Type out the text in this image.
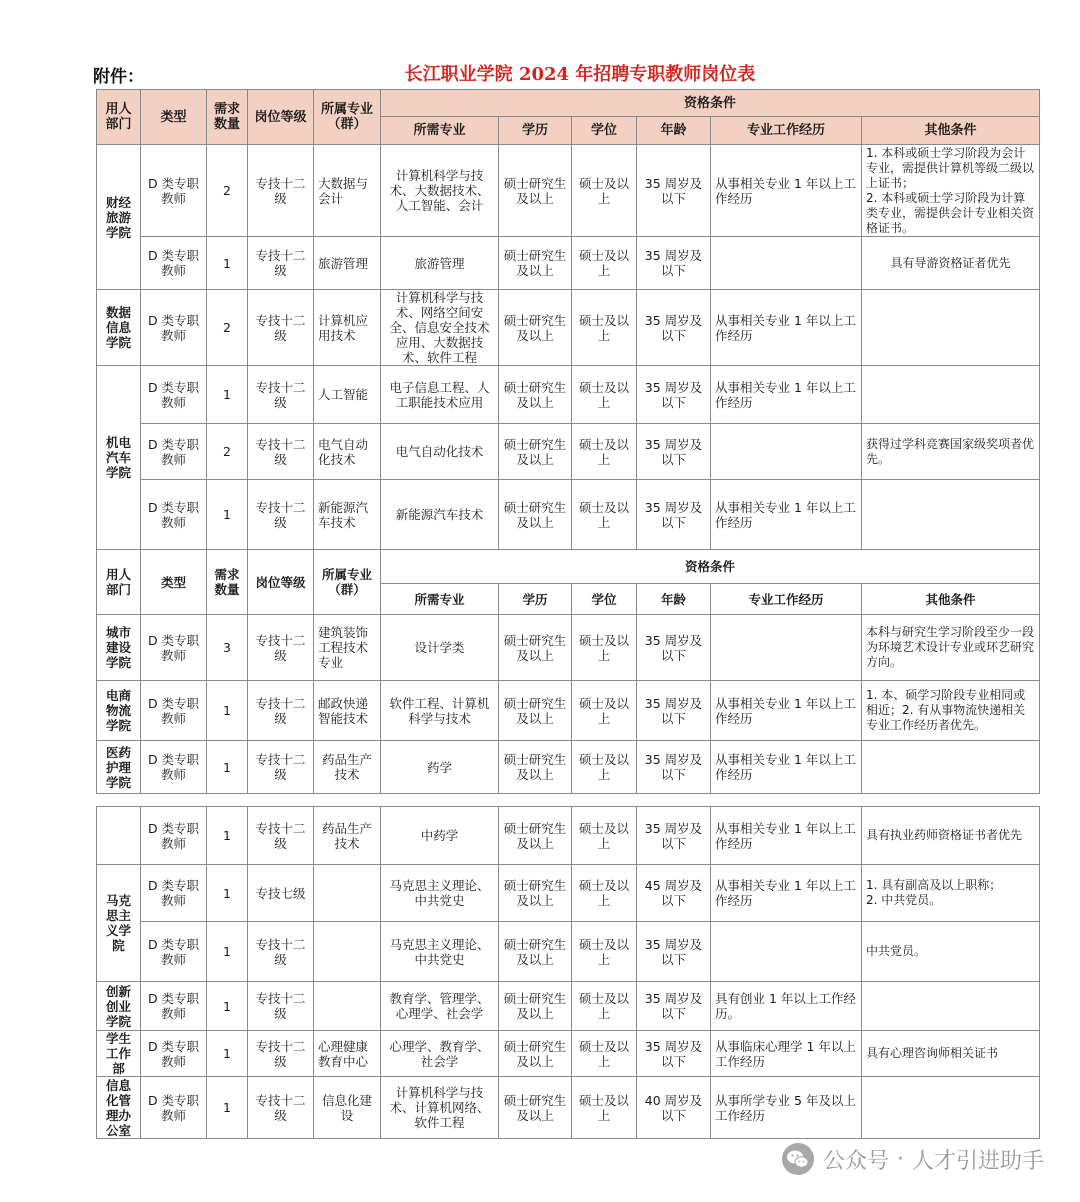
附件：	长江职业学院 2024 年招聘专职教师岗位表
用人部门	类型	需求数量	岗位等级	所属专业（群）	资格条件					
					所需专业	学历	学位	年龄	专业工作经历	其他条件
财经旅游学院	D 类专职教师	2	专技十二级	大数据与会计	计算机科学与技术、大数据技术、人工智能、会计	硕士研究生及以上	硕士及以上	35 周岁及以下	从事相关专业 1 年以上工作经历	1. 本科或硕士学习阶段为会计专业，需提供计算机等级二级以上证书；
2. 本科或硕士学习阶段为计算类专业，需提供会计专业相关资格证书。
	D 类专职教师	1	专技十二级	旅游管理	旅游管理	硕士研究生及以上	硕士及以上	35 周岁及以下		具有导游资格证者优先
数据信息学院	D 类专职教师	2	专技十二级	计算机应用技术	计算机科学与技术、网络空间安全、信息安全技术应用、大数据技术、软件工程	硕士研究生及以上	硕士及以上	35 周岁及以下	从事相关专业 1 年以上工作经历	
机电汽车学院	D 类专职教师	1	专技十二级	人工智能	电子信息工程、人工职能技术应用	硕士研究生及以上	硕士及以上	35 周岁及以下	从事相关专业 1 年以上工作经历	
	D 类专职教师	2	专技十二级	电气自动化技术	电气自动化技术	硕士研究生及以上	硕士及以上	35 周岁及以下		获得过学科竞赛国家级奖项者优先。
	D 类专职教师	1	专技十二级	新能源汽车技术	新能源汽车技术	硕士研究生及以上	硕士及以上	35 周岁及以下	从事相关专业 1 年以上工作经历	
用人部门	类型	需求数量	岗位等级	所属专业（群）	资格条件					
					所需专业	学历	学位	年龄	专业工作经历	其他条件
城市建设学院	D 类专职教师	3	专技十二级	建筑装饰工程技术专业	设计学类	硕士研究生及以上	硕士及以上	35 周岁及以下		本科与研究生学习阶段至少一段为环境艺术设计专业或环艺研究方向。
电商物流学院	D 类专职教师	1	专技十二级	邮政快递智能技术	软件工程、计算机科学与技术	硕士研究生及以上	硕士及以上	35 周岁及以下	从事相关专业 1 年以上工作经历	1. 本、硕学习阶段专业相同或相近；2. 有从事物流快递相关专业工作经历者优先。
医药护理学院	D 类专职教师	1	专技十二级	药品生产技术	药学	硕士研究生及以上	硕士及以上	35 周岁及以下	从事相关专业 1 年以上工作经历	
	D 类专职教师	1	专技十二级	药品生产技术	中药学	硕士研究生及以上	硕士及以上	35 周岁及以下	从事相关专业 1 年以上工作经历	具有执业药师资格证书者优先
马克思主义学院	D 类专职教师	1	专技七级		马克思主义理论、中共党史	硕士研究生及以上	硕士及以上	45 周岁及以下	从事相关专业 1 年以上工作经历	1. 具有副高及以上职称；
2. 中共党员。
	D 类专职教师	1	专技十二级		马克思主义理论、中共党史	硕士研究生及以上	硕士及以上	35 周岁及以下		中共党员。
创新创业学院	D 类专职教师	1	专技十二级		教育学、管理学、心理学、社会学	硕士研究生及以上	硕士及以上	35 周岁及以下	具有创业 1 年以上工作经历。	
学生工作部	D 类专职教师	1	专技十二级	心理健康教育中心	心理学、教育学、社会学	硕士研究生及以上	硕士及以上	35 周岁及以下	从事临床心理学 1 年以上工作经历	具有心理咨询师相关证书
信息化管理办公室	D 类专职教师	1	专技十二级	信息化建设	计算机科学与技术、计算机网络、软件工程	硕士研究生及以上	硕士及以上	40 周岁及以下	从事所学专业 5 年及以上工作经历	
公众号 · 人才引进助手
